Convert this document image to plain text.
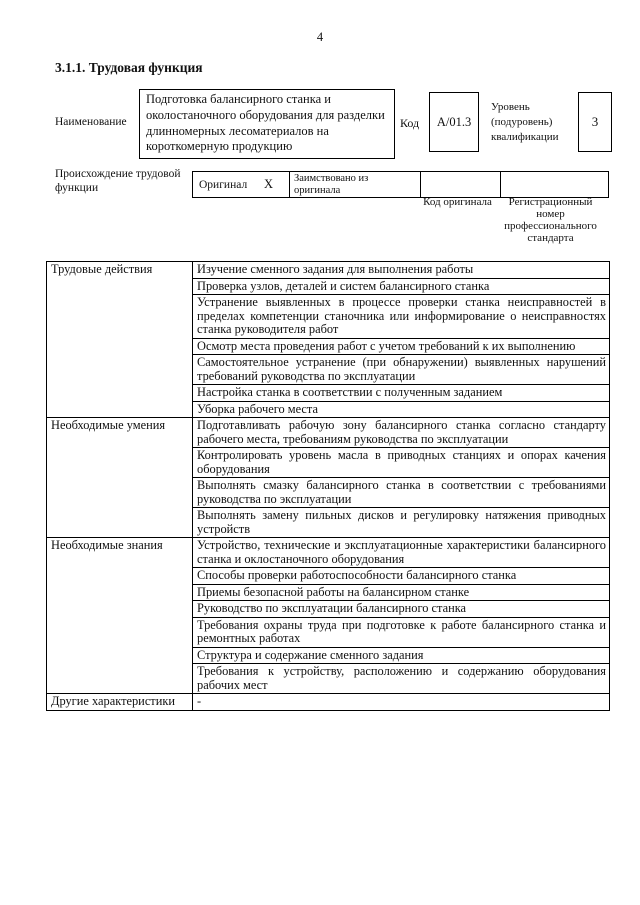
4
3.1.1. Трудовая функция
Наименование
Подготовка балансирного станка и околостаночного оборудования для разделки длинномерных лесоматериалов на короткомерную продукцию
Код	А/01.3
Уровень (подуровень) квалификации
3
Происхождение трудовой функции	Оригинал X	Заимствовано из оригинала

Код оригинала	Регистрационный номер профессионального стандарта
Трудовые действия	Изучение сменного задания для выполнения работы
	Проверка узлов, деталей и систем балансирного станка
	Устранение выявленных в процессе проверки станка неисправностей в пределах компетенции станочника или информирование о неисправностях станка руководителя работ
	Осмотр места проведения работ с учетом требований к их выполнению
	Самостоятельное устранение (при обнаружении) выявленных нарушений требований руководства по эксплуатации
	Настройка станка в соответствии с полученным заданием
	Уборка рабочего места
Необходимые умения	Подготавливать рабочую зону балансирного станка согласно стандарту рабочего места, требованиям руководства по эксплуатации
	Контролировать уровень масла в приводных станциях и опорах качения оборудования
	Выполнять смазку балансирного станка в соответствии с требованиями руководства по эксплуатации
	Выполнять замену пильных дисков и регулировку натяжения приводных устройств
Необходимые знания	Устройство, технические и эксплуатационные характеристики балансирного станка и оклостаночного оборудования
	Способы проверки работоспособности балансирного станка
	Приемы безопасной работы на балансирном станке
	Руководство по эксплуатации балансирного станка
	Требования охраны труда при подготовке к работе балансирного станка и ремонтных работах
	Структура и содержание сменного задания
	Требования к устройству, расположению и содержанию оборудования рабочих мест
Другие характеристики	-
